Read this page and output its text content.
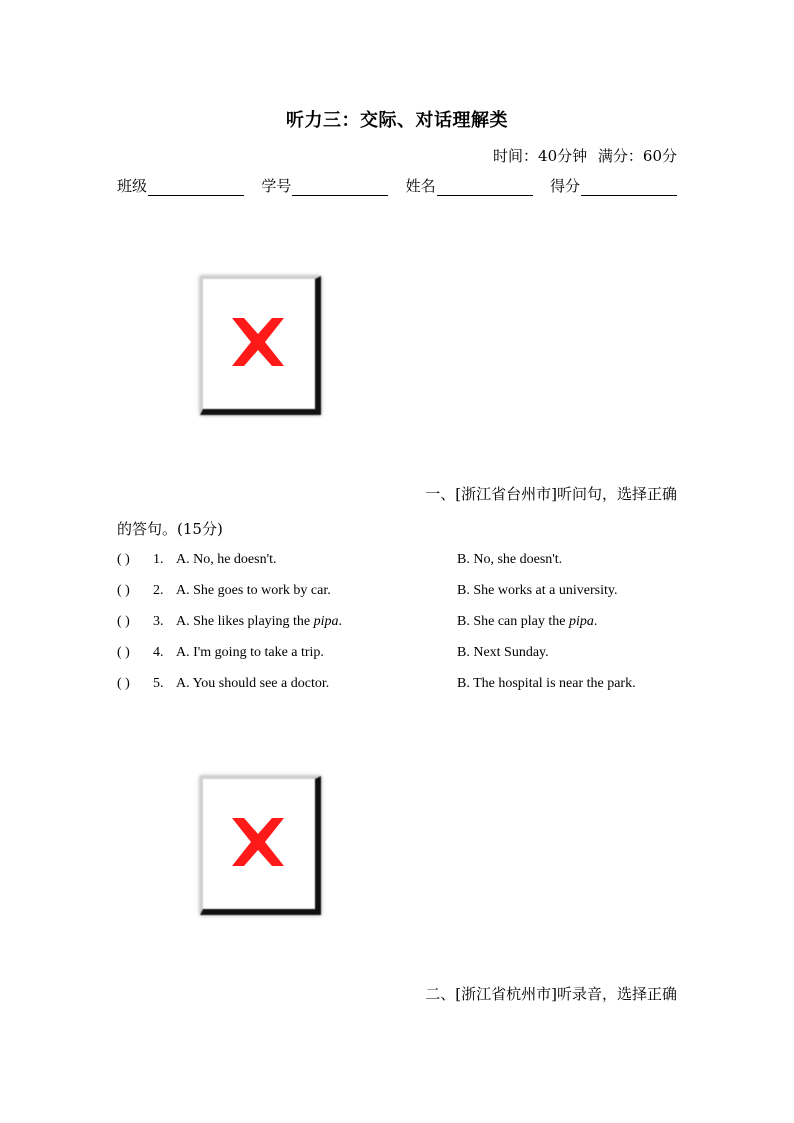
听力三：交际、对话理解类
时间：40分钟 满分：60分
班级	学号	姓名	得分
一、[浙江省台州市]听问句，选择正确
的答句。(15分)
( ) 1. A. No, he doesn't.	B. No, she doesn't.
( ) 2. A. She goes to work by car.	B. She works at a university.
( ) 3. A. She likes playing the pipa.	B. She can play the pipa.
( ) 4. A. I'm going to take a trip.	B. Next Sunday.
( ) 5. A. You should see a doctor.	B. The hospital is near the park.
二、[浙江省杭州市]听录音，选择正确
